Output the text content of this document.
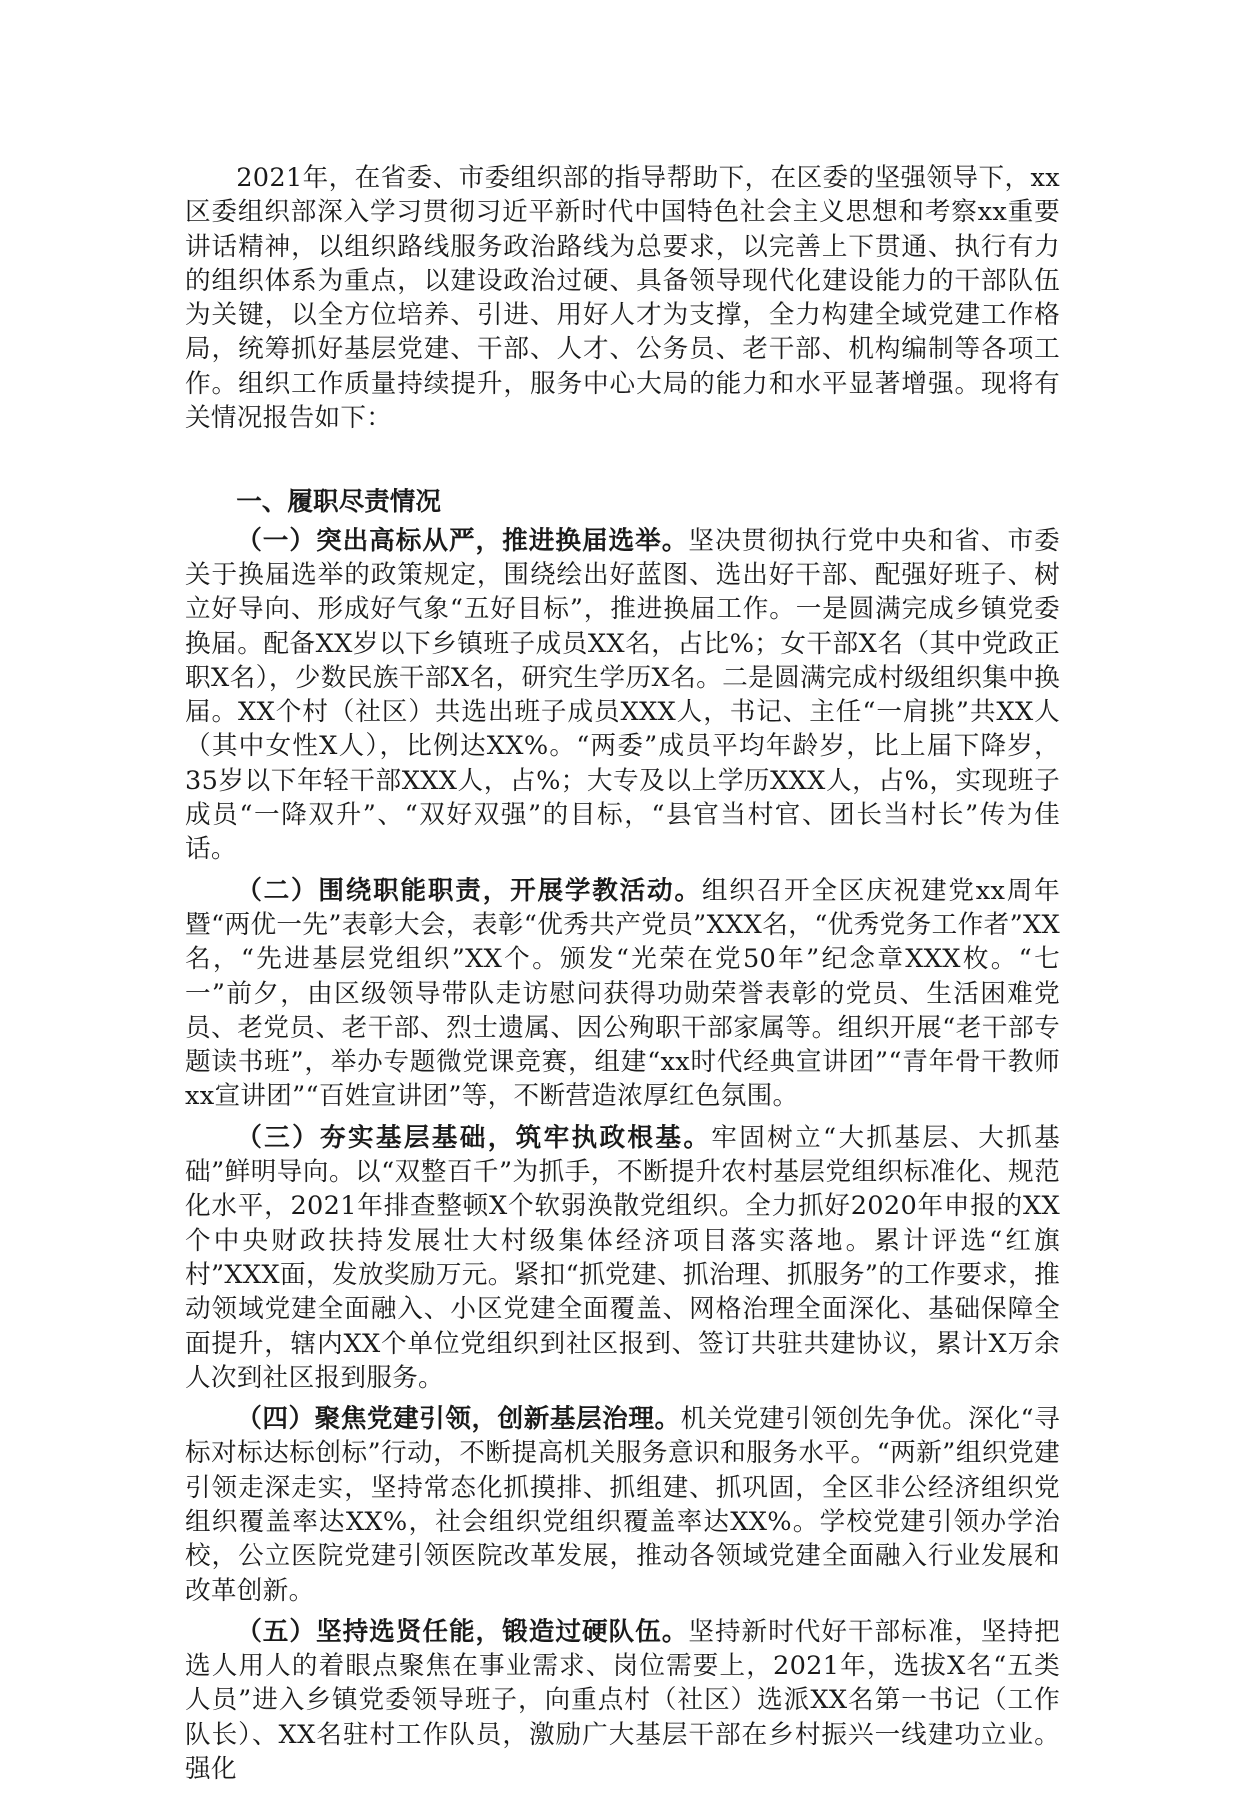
2021年，在省委、市委组织部的指导帮助下，在区委的坚强领导下，xx区委组织部深入学习贯彻习近平新时代中国特色社会主义思想和考察xx重要讲话精神，以组织路线服务政治路线为总要求，以完善上下贯通、执行有力的组织体系为重点，以建设政治过硬、具备领导现代化建设能力的干部队伍为关键，以全方位培养、引进、用好人才为支撑，全力构建全域党建工作格局，统筹抓好基层党建、干部、人才、公务员、老干部、机构编制等各项工作。组织工作质量持续提升，服务中心大局的能力和水平显著增强。现将有关情况报告如下：

一、履职尽责情况

（一）突出高标从严，推进换届选举。坚决贯彻执行党中央和省、市委关于换届选举的政策规定，围绕绘出好蓝图、选出好干部、配强好班子、树立好导向、形成好气象“五好目标”，推进换届工作。一是圆满完成乡镇党委换届。配备XX岁以下乡镇班子成员XX名，占比%；女干部X名（其中党政正职X名），少数民族干部X名，研究生学历X名。二是圆满完成村级组织集中换届。XX个村（社区）共选出班子成员XXX人，书记、主任“一肩挑”共XX人（其中女性X人），比例达XX%。“两委”成员平均年龄岁，比上届下降岁，35岁以下年轻干部XXX人，占%；大专及以上学历XXX人，占%，实现班子成员“一降双升”、“双好双强”的目标，“县官当村官、团长当村长”传为佳话。

（二）围绕职能职责，开展学教活动。组织召开全区庆祝建党xx周年暨“两优一先”表彰大会，表彰“优秀共产党员”XXX名，“优秀党务工作者”XX名，“先进基层党组织”XX个。颁发“光荣在党50年”纪念章XXX枚。“七一”前夕，由区级领导带队走访慰问获得功勋荣誉表彰的党员、生活困难党员、老党员、老干部、烈士遗属、因公殉职干部家属等。组织开展“老干部专题读书班”，举办专题微党课竞赛，组建“xx时代经典宣讲团”“青年骨干教师xx宣讲团”“百姓宣讲团”等，不断营造浓厚红色氛围。

（三）夯实基层基础，筑牢执政根基。牢固树立“大抓基层、大抓基础”鲜明导向。以“双整百千”为抓手，不断提升农村基层党组织标准化、规范化水平，2021年排查整顿X个软弱涣散党组织。全力抓好2020年申报的XX个中央财政扶持发展壮大村级集体经济项目落实落地。累计评选“红旗村”XXX面，发放奖励万元。紧扣“抓党建、抓治理、抓服务”的工作要求，推动领域党建全面融入、小区党建全面覆盖、网格治理全面深化、基础保障全面提升，辖内XX个单位党组织到社区报到、签订共驻共建协议，累计X万余人次到社区报到服务。

（四）聚焦党建引领，创新基层治理。机关党建引领创先争优。深化“寻标对标达标创标”行动，不断提高机关服务意识和服务水平。“两新”组织党建引领走深走实，坚持常态化抓摸排、抓组建、抓巩固，全区非公经济组织党组织覆盖率达XX%，社会组织党组织覆盖率达XX%。学校党建引领办学治校，公立医院党建引领医院改革发展，推动各领域党建全面融入行业发展和改革创新。

（五）坚持选贤任能，锻造过硬队伍。坚持新时代好干部标准，坚持把选人用人的着眼点聚焦在事业需求、岗位需要上，2021年，选拔X名“五类人员”进入乡镇党委领导班子，向重点村（社区）选派XX名第一书记（工作队长）、XX名驻村工作队员，激励广大基层干部在乡村振兴一线建功立业。强化
